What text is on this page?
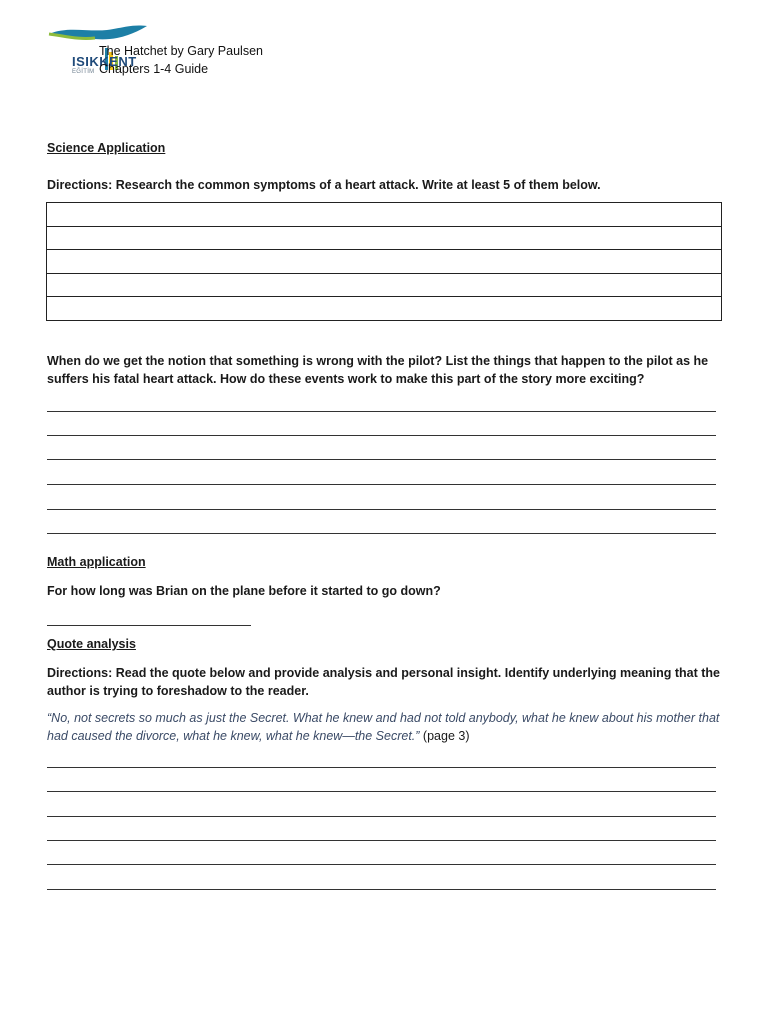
ISIKKENT
EĞİTİM
The Hatchet by Gary Paulsen
Chapters 1-4 Guide
Science Application
Directions: Research the common symptoms of a heart attack. Write at least 5 of them below.

When do we get the notion that something is wrong with the pilot? List the things that happen to the pilot as he suffers his fatal heart attack. How do these events work to make this part of the story more exciting?
Math application
For how long was Brian on the plane before it started to go down?
Quote analysis
Directions: Read the quote below and provide analysis and personal insight. Identify underlying meaning that the author is trying to foreshadow to the reader.
“No, not secrets so much as just the Secret. What he knew and had not told anybody, what he knew about his mother that had caused the divorce, what he knew, what he knew—the Secret.” (page 3)
